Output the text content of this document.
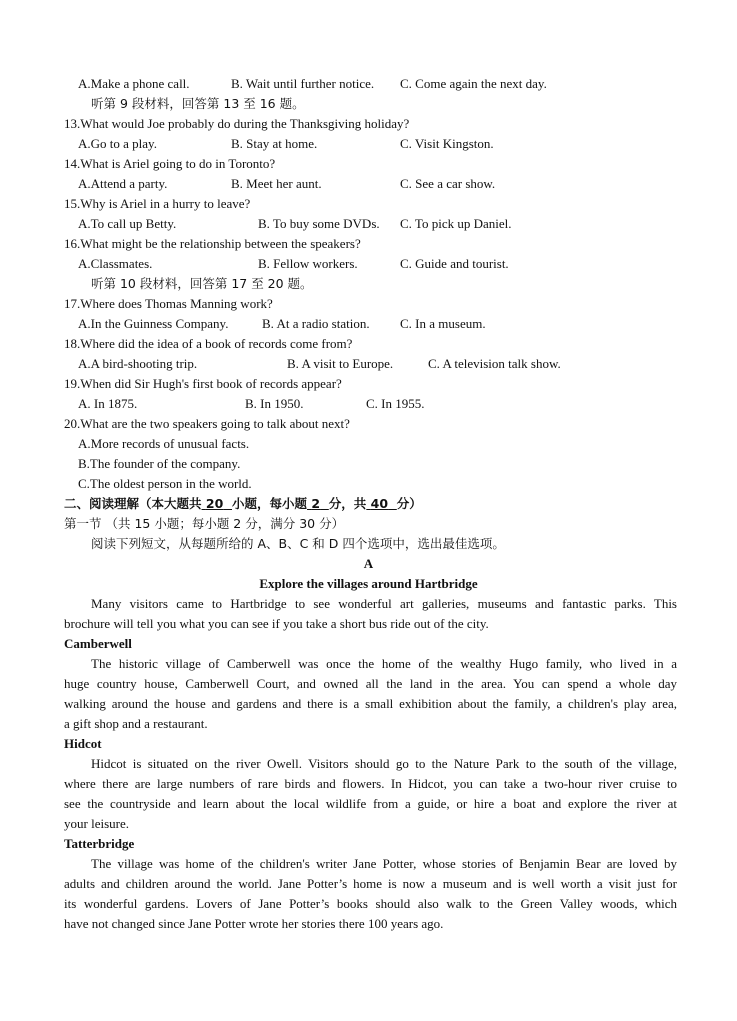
A.Make a phone call.	B. Wait until further notice. C. Come again the next day.
听第 9 段材料，回答第 13 至 16 题。
13.What would Joe probably do during the Thanksgiving holiday?
A.Go to a play.	B. Stay at home.	C. Visit Kingston.
14.What is Ariel going to do in Toronto?
A.Attend a party.	B. Meet her aunt.	C. See a car show.
15.Why is Ariel in a hurry to leave?
A.To call up Betty.	B. To buy some DVDs. C. To pick up Daniel.
16.What might be the relationship between the speakers?
A.Classmates.	B. Fellow workers.	C. Guide and tourist.
听第 10 段材料，回答第 17 至 20 题。
17.Where does Thomas Manning work?
A.In the Guinness Company.	B. At a radio station. C. In a museum.
18.Where did the idea of a book of records come from?
A.A bird-shooting trip.	B. A visit to Europe.	C. A television talk show.
19.When did Sir Hugh's first book of records appear?
A. In 1875.	B. In 1950.	C. In 1955.
20.What are the two speakers going to talk about next?
A.More records of unusual facts.
B.The founder of the company.
C.The oldest person in the world.
二、阅读理解（本大题共 20 小题，每小题 2 分，共 40 分）
第一节 （共 15 小题；每小题 2 分，满分 30 分）
阅读下列短文，从每题所给的 A、B、C 和 D 四个选项中，选出最佳选项。
A
Explore the villages around Hartbridge
Many visitors came to Hartbridge to see wonderful art galleries, museums and fantastic parks. This
brochure will tell you what you can see if you take a short bus ride out of the city.
Camberwell
The historic village of Camberwell was once the home of the wealthy Hugo family, who lived in a
huge country house, Camberwell Court, and owned all the land in the area. You can spend a whole day
walking around the house and gardens and there is a small exhibition about the family, a children's play area,
a gift shop and a restaurant.
Hidcot
Hidcot is situated on the river Owell. Visitors should go to the Nature Park to the south of the village,
where there are large numbers of rare birds and flowers. In Hidcot, you can take a two-hour river cruise to
see the countryside and learn about the local wildlife from a guide, or hire a boat and explore the river at
your leisure.
Tatterbridge
The village was home of the children's writer Jane Potter, whose stories of Benjamin Bear are loved by
adults and children around the world. Jane Potter’s home is now a museum and is well worth a visit just for
its wonderful gardens. Lovers of Jane Potter’s books should also walk to the Green Valley woods, which
have not changed since Jane Potter wrote her stories there 100 years ago.
